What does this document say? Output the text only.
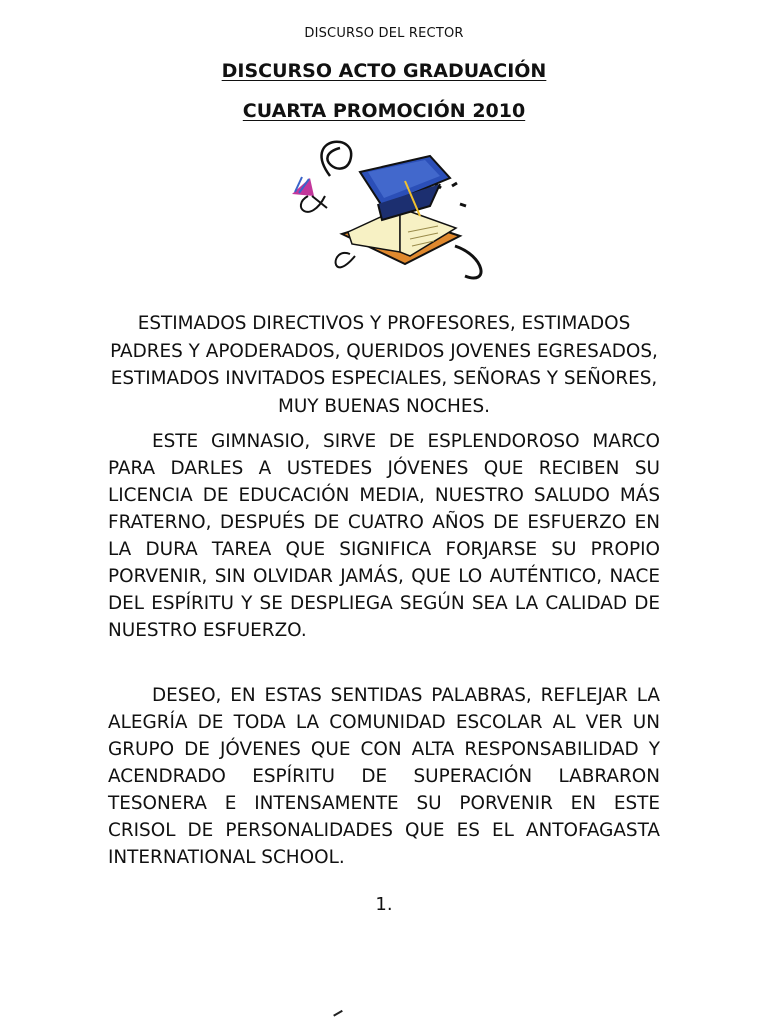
DISCURSO DEL RECTOR
DISCURSO ACTO GRADUACIÓN
CUARTA PROMOCIÓN 2010
ESTIMADOS DIRECTIVOS Y PROFESORES, ESTIMADOS PADRES Y APODERADOS, QUERIDOS JOVENES EGRESADOS, ESTIMADOS INVITADOS ESPECIALES, SEÑORAS Y SEÑORES, MUY BUENAS NOCHES.

ESTE GIMNASIO, SIRVE DE ESPLENDOROSO MARCO PARA DARLES A USTEDES JÓVENES QUE RECIBEN SU LICENCIA DE EDUCACIÓN MEDIA, NUESTRO SALUDO MÁS FRATERNO, DESPUÉS DE CUATRO AÑOS DE ESFUERZO EN LA DURA TAREA QUE SIGNIFICA FORJARSE SU PROPIO PORVENIR, SIN OLVIDAR JAMÁS, QUE LO AUTÉNTICO, NACE DEL ESPÍRITU Y SE DESPLIEGA SEGÚN SEA LA CALIDAD DE NUESTRO ESFUERZO.

DESEO, EN ESTAS SENTIDAS PALABRAS, REFLEJAR LA ALEGRÍA DE TODA LA COMUNIDAD ESCOLAR AL VER UN GRUPO DE JÓVENES QUE CON ALTA RESPONSABILIDAD Y ACENDRADO ESPÍRITU DE SUPERACIÓN LABRARON TESONERA E INTENSAMENTE SU PORVENIR EN ESTE CRISOL DE PERSONALIDADES QUE ES EL ANTOFAGASTA INTERNATIONAL SCHOOL.

1.
